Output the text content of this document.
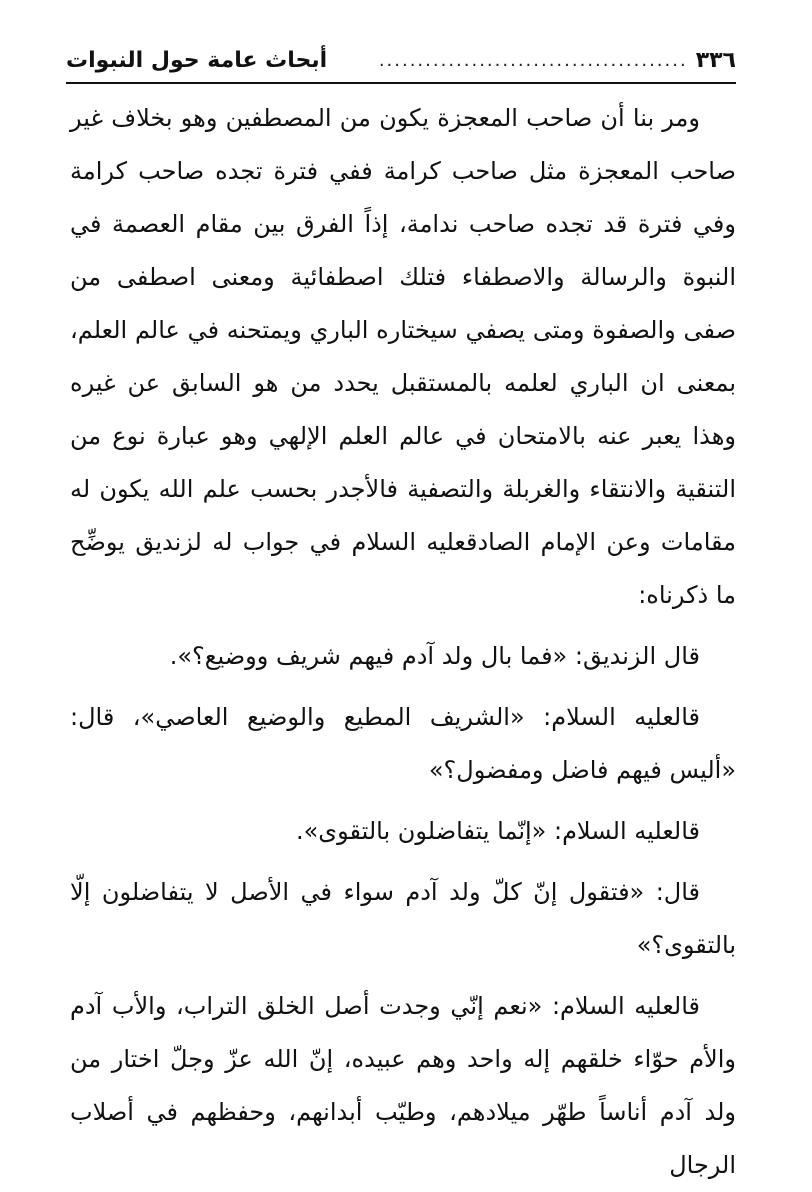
٣٣٦
........................................
أبحاث عامة حول النبوات

ومر بنا أن صاحب المعجزة يكون من المصطفين وهو بخلاف غير صاحب المعجزة مثل صاحب كرامة ففي فترة تجده صاحب كرامة وفي فترة قد تجده صاحب ندامة، إذاً الفرق بين مقام العصمة في النبوة والرسالة والاصطفاء فتلك اصطفائية ومعنى اصطفى من صفى والصفوة ومتى يصفي سيختاره الباري ويمتحنه في عالم العلم، بمعنى ان الباري لعلمه بالمستقبل يحدد من هو السابق عن غيره وهذا يعبر عنه بالامتحان في عالم العلم الإلهي وهو عبارة نوع من التنقية والانتقاء والغربلة والتصفية فالأجدر بحسب علم الله يكون له مقامات وعن الإمام الصادقعليه السلام في جواب له لزنديق يوضِّح ما ذكرناه:

قال الزنديق: «فما بال ولد آدم فيهم شريف ووضيع؟».

قالعليه السلام: «الشريف المطيع والوضيع العاصي»، قال: «أليس فيهم فاضل ومفضول؟»

قالعليه السلام: «إنّما يتفاضلون بالتقوى».

قال: «فتقول إنّ كلّ ولد آدم سواء في الأصل لا يتفاضلون إلّا بالتقوى؟»

قالعليه السلام: «نعم إنّي وجدت أصل الخلق التراب، والأب آدم والأم حوّاء خلقهم إله واحد وهم عبيده، إنّ الله عزّ وجلّ اختار من ولد آدم أناساً طهّر ميلادهم، وطيّب أبدانهم، وحفظهم في أصلاب الرجال
